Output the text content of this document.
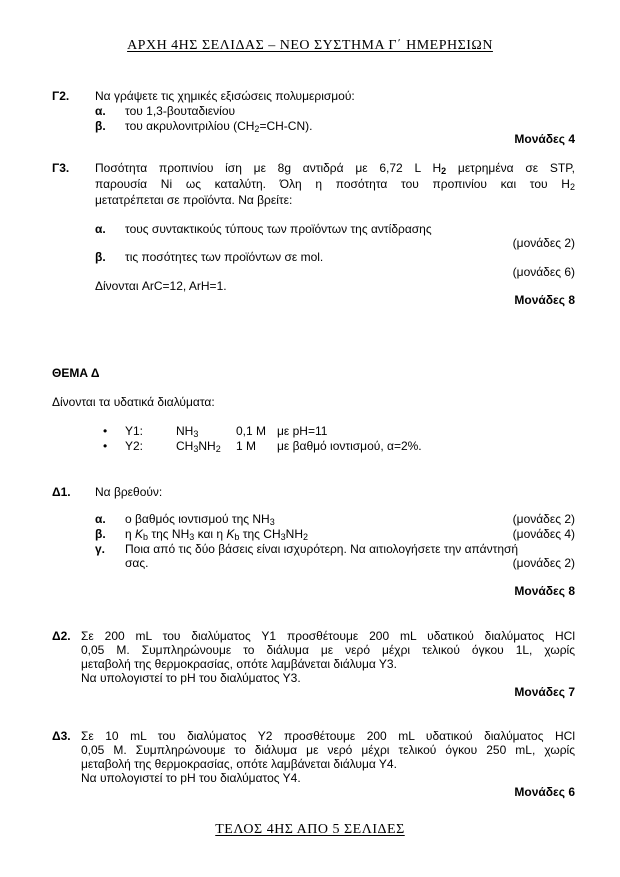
ΑΡΧΗ 4ΗΣ ΣΕΛΙΔΑΣ – ΝΕΟ ΣΥΣΤΗΜΑ Γ΄ ΗΜΕΡΗΣΙΩΝ
Γ2. Να γράψετε τις χημικές εξισώσεις πολυμερισμού:
α. του 1,3-βουταδιενίου
β. του ακρυλονιτριλίου $(CH_2=CH-CN)$.
Μονάδες 4
Γ3. Ποσότητα προπινίου ίση με 8g αντιδρά με 6,72 L $H_2$ μετρημένα σε STP,
παρουσία Ni ως καταλύτη. Όλη η ποσότητα του προπινίου και του $H_2$
μετατρέπεται σε προϊόντα. Να βρείτε:
α. τους συντακτικούς τύπους των προϊόντων της αντίδρασης
(μονάδες 2)
β. τις ποσότητες των προϊόντων σε mol.
(μονάδες 6)
Δίνονται ArC=12, ArH=1.
Μονάδες 8
ΘΕΜΑ Δ
Δίνονται τα υδατικά διαλύματα:
• Υ1:	$NH_3$	0,1 M με pH=11
• Υ2:	$CH_3NH_2$ 1 M με βαθμό ιοντισμού, α=2%.
Δ1. Να βρεθούν:
α. ο βαθμός ιοντισμού της $NH_3$	(μονάδες 2)
β. η $K_b$ της $NH_3$ και η $K_b$ της $CH_3NH_2$	(μονάδες 4)
γ. Ποια από τις δύο βάσεις είναι ισχυρότερη. Να αιτιολογήσετε την απάντησή
σας.	(μονάδες 2)
Μονάδες 8
Δ2. Σε 200 mL του διαλύματος Υ1 προσθέτουμε 200 mL υδατικού διαλύματος HCl
0,05 M. Συμπληρώνουμε το διάλυμα με νερό μέχρι τελικού όγκου 1L, χωρίς
μεταβολή της θερμοκρασίας, οπότε λαμβάνεται διάλυμα Υ3.
Να υπολογιστεί το pH του διαλύματος Υ3.
Μονάδες 7
Δ3. Σε 10 mL του διαλύματος Υ2 προσθέτουμε 200 mL υδατικού διαλύματος HCl
0,05 M. Συμπληρώνουμε το διάλυμα με νερό μέχρι τελικού όγκου 250 mL, χωρίς
μεταβολή της θερμοκρασίας, οπότε λαμβάνεται διάλυμα Υ4.
Να υπολογιστεί το pH του διαλύματος Υ4.
Μονάδες 6
ΤΕΛΟΣ 4ΗΣ ΑΠΟ 5 ΣΕΛΙΔΕΣ
